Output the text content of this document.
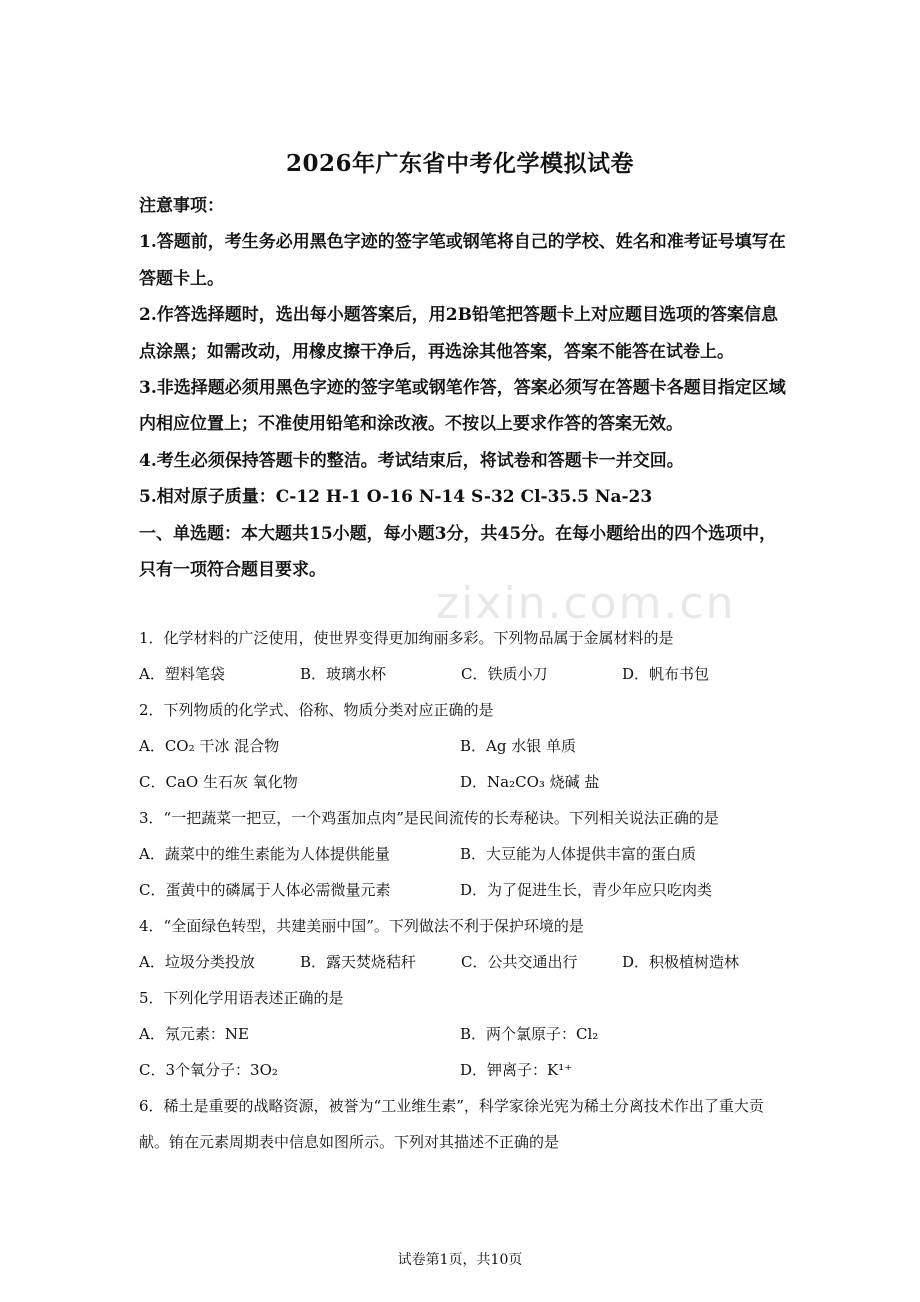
zixin.com.cn
2026年广东省中考化学模拟试卷

注意事项：

1.答题前，考生务必用黑色字迹的签字笔或钢笔将自己的学校、姓名和准考证号填写在答题卡上。

2.作答选择题时，选出每小题答案后，用2B铅笔把答题卡上对应题目选项的答案信息点涂黑；如需改动，用橡皮擦干净后，再选涂其他答案，答案不能答在试卷上。

3.非选择题必须用黑色字迹的签字笔或钢笔作答，答案必须写在答题卡各题目指定区域内相应位置上；不准使用铅笔和涂改液。不按以上要求作答的答案无效。

4.考生必须保持答题卡的整洁。考试结束后，将试卷和答题卡一并交回。

5.相对原子质量：C-12 H-1 O-16 N-14 S-32 Cl-35.5 Na-23

一、单选题：本大题共15小题，每小题3分，共45分。在每小题给出的四个选项中，只有一项符合题目要求。

1．化学材料的广泛使用，使世界变得更加绚丽多彩。下列物品属于金属材料的是

A．塑料笔袋	B．玻璃水杯	C．铁质小刀	D．帆布书包

2．下列物质的化学式、俗称、物质分类对应正确的是

A．CO₂ 干冰 混合物	B．Ag 水银 单质
C．CaO 生石灰 氧化物	D．Na₂CO₃ 烧碱 盐

3．“一把蔬菜一把豆，一个鸡蛋加点肉”是民间流传的长寿秘诀。下列相关说法正确的是

A．蔬菜中的维生素能为人体提供能量	B．大豆能为人体提供丰富的蛋白质
C．蛋黄中的磷属于人体必需微量元素	D．为了促进生长，青少年应只吃肉类

4．“全面绿色转型，共建美丽中国”。下列做法不利于保护环境的是

A．垃圾分类投放	B．露天焚烧秸秆	C．公共交通出行	D．积极植树造林

5．下列化学用语表述正确的是

A．氖元素：NE	B．两个氯原子：Cl₂
C．3个氧分子：3O₂	D．钾离子：K¹⁺

6．稀土是重要的战略资源，被誉为“工业维生素”，科学家徐光宪为稀土分离技术作出了重大贡献。铕在元素周期表中信息如图所示。下列对其描述不正确的是

试卷第1页，共10页
